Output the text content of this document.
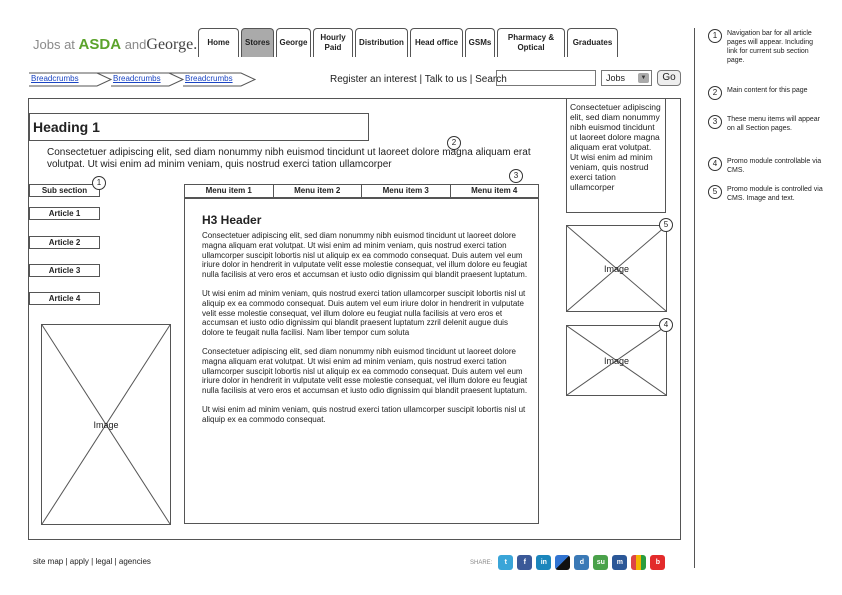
Jobs at ASDA andGeorge.	Home	Stores	George
Hourly Paid
Distribution	Head office	GSMs
Pharmacy & Optical
Graduates
Breadcrumbs	Breadcrumbs	Breadcrumbs	Register an interest | Talk to us | Search	Jobs	▼	Go
Heading 1
2
Consectetuer adipiscing elit, sed diam nonummy nibh euismod tincidunt ut laoreet dolore magna aliquam erat volutpat. Ut wisi enim ad minim veniam, quis nostrud exerci tation ullamcorper
Sub section
1
Article 1
Article 2
Article 3
Article 4
Image
3
Menu item 1	Menu item 2	Menu item 3	Menu item 4
H3 Header

Consectetuer adipiscing elit, sed diam nonummy nibh euismod tincidunt ut laoreet dolore magna aliquam erat volutpat. Ut wisi enim ad minim veniam, quis nostrud exerci tation ullamcorper suscipit lobortis nisl ut aliquip ex ea commodo consequat. Duis autem vel eum iriure dolor in hendrerit in vulputate velit esse molestie consequat, vel illum dolore eu feugiat nulla facilisis at vero eros et accumsan et iusto odio dignissim qui blandit praesent luptatum.

Ut wisi enim ad minim veniam, quis nostrud exerci tation ullamcorper suscipit lobortis nisl ut aliquip ex ea commodo consequat. Duis autem vel eum iriure dolor in hendrerit in vulputate velit esse molestie consequat, vel illum dolore eu feugiat nulla facilisis at vero eros et accumsan et iusto odio dignissim qui blandit praesent luptatum zzril delenit augue duis dolore te feugait nulla facilisi. Nam liber tempor cum soluta

Consectetuer adipiscing elit, sed diam nonummy nibh euismod tincidunt ut laoreet dolore magna aliquam erat volutpat. Ut wisi enim ad minim veniam, quis nostrud exerci tation ullamcorper suscipit lobortis nisl ut aliquip ex ea commodo consequat. Duis autem vel eum iriure dolor in hendrerit in vulputate velit esse molestie consequat, vel illum dolore eu feugiat nulla facilisis at vero eros et accumsan et iusto odio dignissim qui blandit praesent luptatum.

Ut wisi enim ad minim veniam, quis nostrud exerci tation ullamcorper suscipit lobortis nisl ut aliquip ex ea commodo consequat.

Consectetuer adipiscing elit, sed diam nonummy nibh euismod tincidunt ut laoreet dolore magna aliquam erat volutpat. Ut wisi enim ad minim veniam, quis nostrud exerci tation ullamcorper
Image
5
Image
4
site map | apply | legal | agencies	SHARE:	t	f	in	d	su	m	b
1	Navigation bar for all article pages will appear. Including link for current sub section page.
2	Main content for this page
3	These menu items will appear on all Section pages.
4	Promo module controllable via CMS.
5	Promo module is controlled via CMS. Image and text.
